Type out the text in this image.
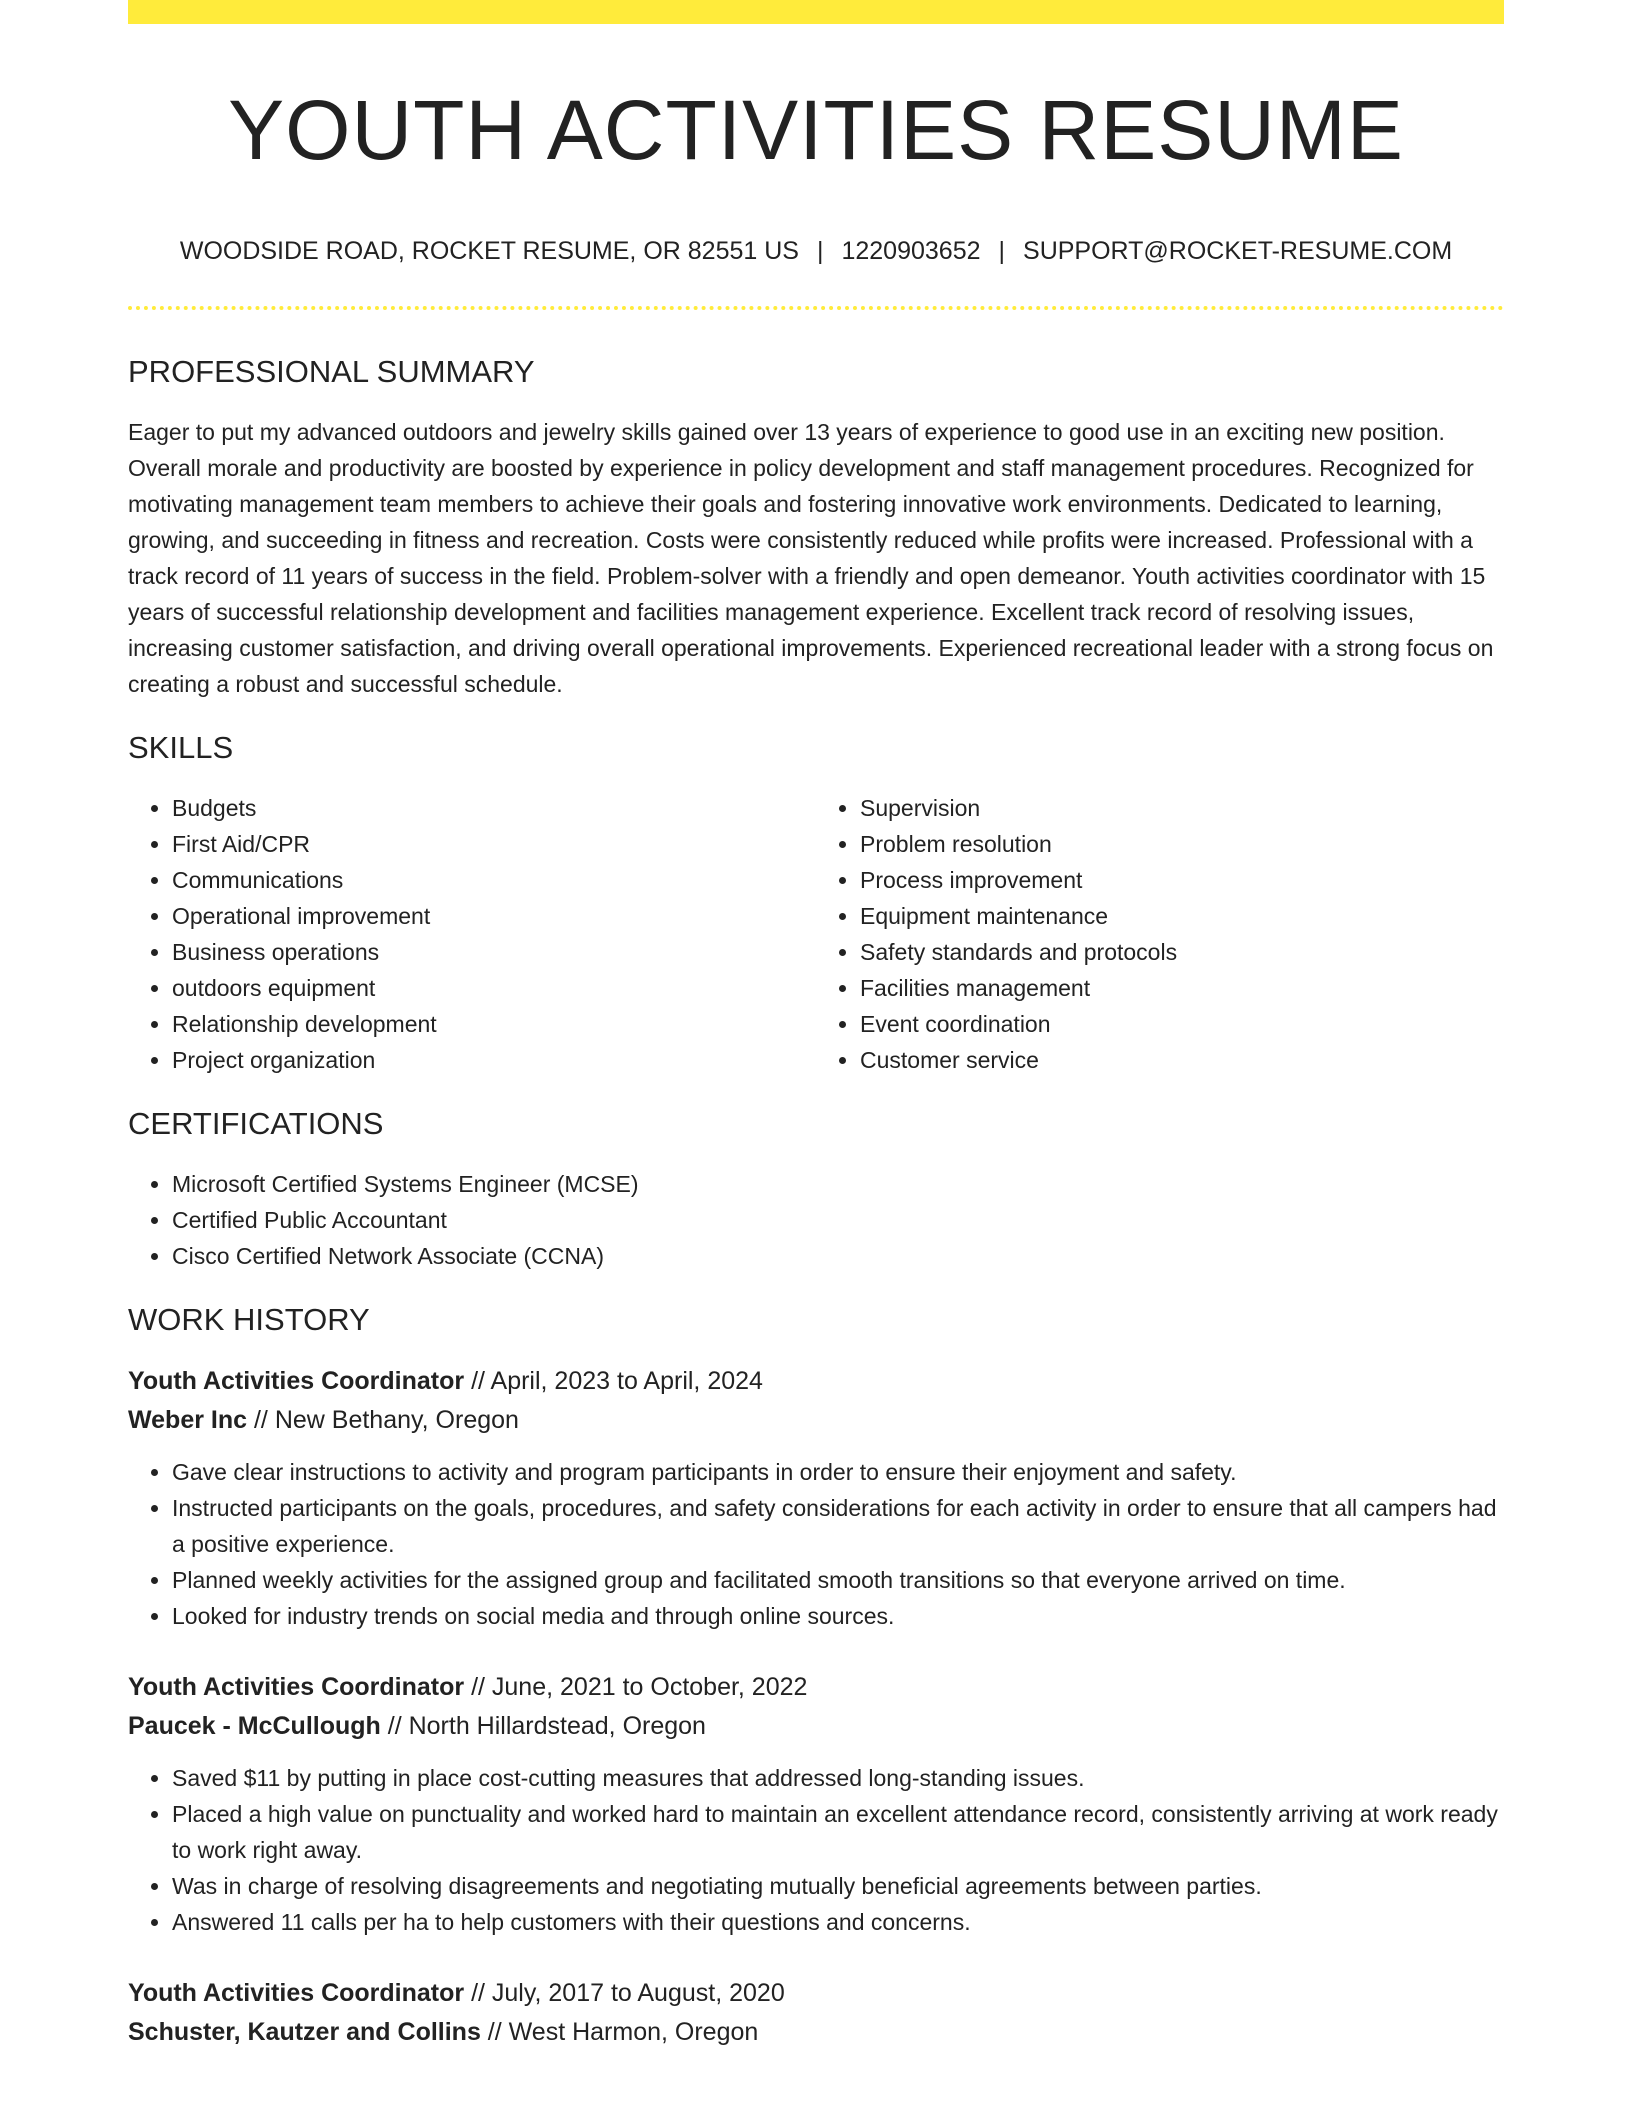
YOUTH ACTIVITIES RESUME
WOODSIDE ROAD, ROCKET RESUME, OR 82551 US | 1220903652 | SUPPORT@ROCKET-RESUME.COM
PROFESSIONAL SUMMARY

Eager to put my advanced outdoors and jewelry skills gained over 13 years of experience to good use in an exciting new position. Overall morale and productivity are boosted by experience in policy development and staff management procedures. Recognized for motivating management team members to achieve their goals and fostering innovative work environments. Dedicated to learning, growing, and succeeding in fitness and recreation. Costs were consistently reduced while profits were increased. Professional with a track record of 11 years of success in the field. Problem-solver with a friendly and open demeanor. Youth activities coordinator with 15 years of successful relationship development and facilities management experience. Excellent track record of resolving issues, increasing customer satisfaction, and driving overall operational improvements. Experienced recreational leader with a strong focus on creating a robust and successful schedule.

SKILLS
• Budgets
• First Aid/CPR
• Communications
• Operational improvement
• Business operations
• outdoors equipment
• Relationship development
• Project organization
• Supervision
• Problem resolution
• Process improvement
• Equipment maintenance
• Safety standards and protocols
• Facilities management
• Event coordination
• Customer service
CERTIFICATIONS
• Microsoft Certified Systems Engineer (MCSE)
• Certified Public Accountant
• Cisco Certified Network Associate (CCNA)
WORK HISTORY
Youth Activities Coordinator // April, 2023 to April, 2024
Weber Inc // New Bethany, Oregon
• Gave clear instructions to activity and program participants in order to ensure their enjoyment and safety.
• Instructed participants on the goals, procedures, and safety considerations for each activity in order to ensure that all campers had a positive experience.
• Planned weekly activities for the assigned group and facilitated smooth transitions so that everyone arrived on time.
• Looked for industry trends on social media and through online sources.
Youth Activities Coordinator // June, 2021 to October, 2022
Paucek - McCullough // North Hillardstead, Oregon
• Saved $11 by putting in place cost-cutting measures that addressed long-standing issues.
• Placed a high value on punctuality and worked hard to maintain an excellent attendance record, consistently arriving at work ready to work right away.
• Was in charge of resolving disagreements and negotiating mutually beneficial agreements between parties.
• Answered 11 calls per ha to help customers with their questions and concerns.
Youth Activities Coordinator // July, 2017 to August, 2020
Schuster, Kautzer and Collins // West Harmon, Oregon
